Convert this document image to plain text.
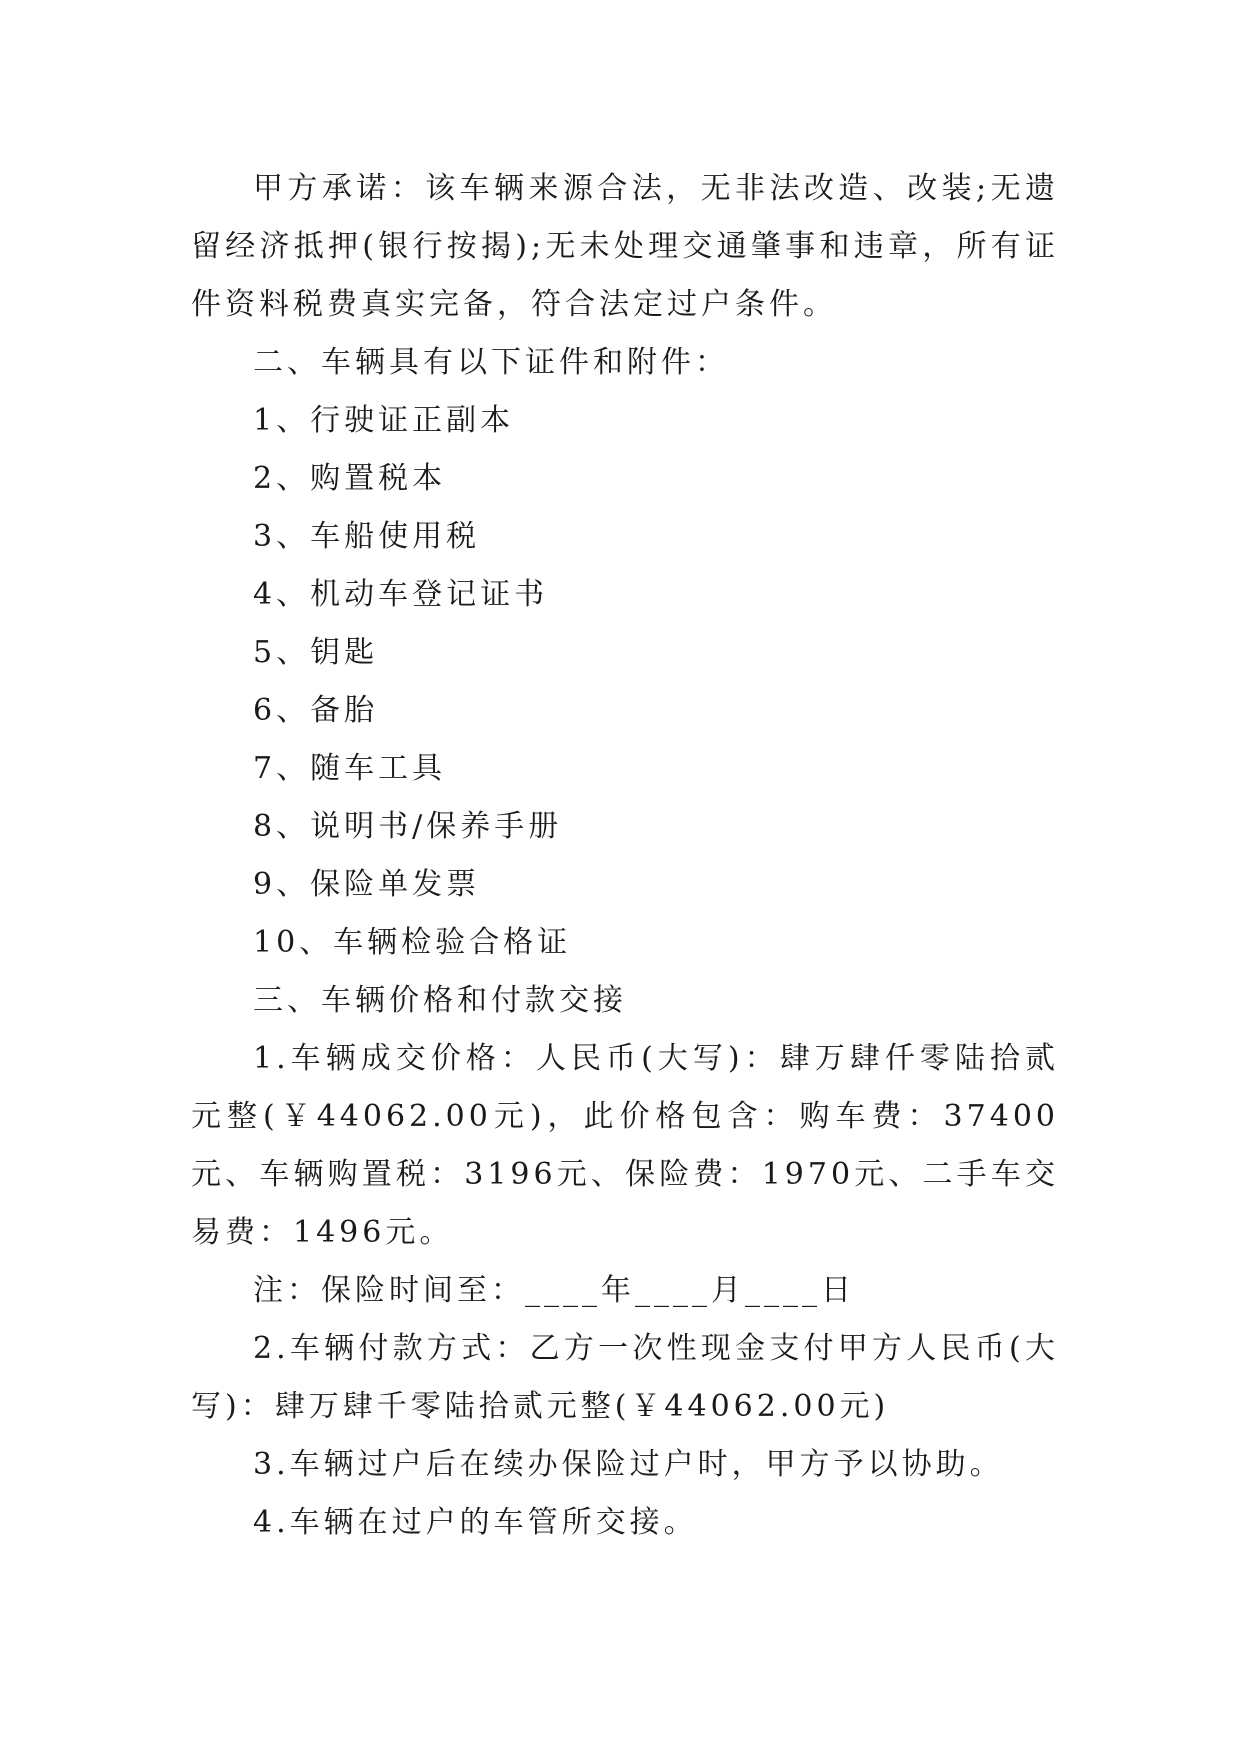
甲方承诺：该车辆来源合法，无非法改造、改装;无遗留经济抵押(银行按揭);无未处理交通肇事和违章，所有证件资料税费真实完备，符合法定过户条件。

二、车辆具有以下证件和附件：

1、行驶证正副本

2、购置税本

3、车船使用税

4、机动车登记证书

5、钥匙

6、备胎

7、随车工具

8、说明书/保养手册

9、保险单发票

10、车辆检验合格证

三、车辆价格和付款交接

1.车辆成交价格：人民币(大写)：肆万肆仟零陆拾贰元整(￥44062.00元)，此价格包含：购车费：37400元、车辆购置税：3196元、保险费：1970元、二手车交易费：1496元。

注：保险时间至：____年____月____日

2.车辆付款方式：乙方一次性现金支付甲方人民币(大写)：肆万肆千零陆拾贰元整(￥44062.00元)

3.车辆过户后在续办保险过户时，甲方予以协助。

4.车辆在过户的车管所交接。
